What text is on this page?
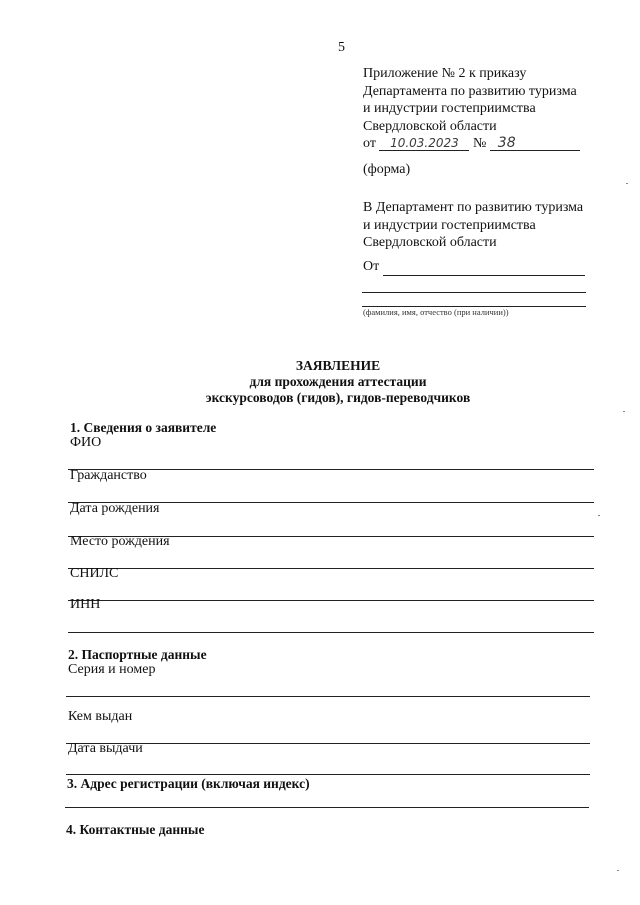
5
Приложение № 2 к приказу
Департамента по развитию туризма
и индустрии гостеприимства
Свердловской области
от 10.03.2023 № 38
(форма)
В Департамент по развитию туризма
и индустрии гостеприимства
Свердловской области
От
(фамилия, имя, отчество (при наличии))
ЗАЯВЛЕНИЕ
для прохождения аттестации
экскурсоводов (гидов), гидов-переводчиков
1. Сведения о заявителе
ФИО
Гражданство
Дата рождения
Место рождения
СНИЛС
ИНН
2. Паспортные данные
Серия и номер
Кем выдан
Дата выдачи
3. Адрес регистрации (включая индекс)
4. Контактные данные
